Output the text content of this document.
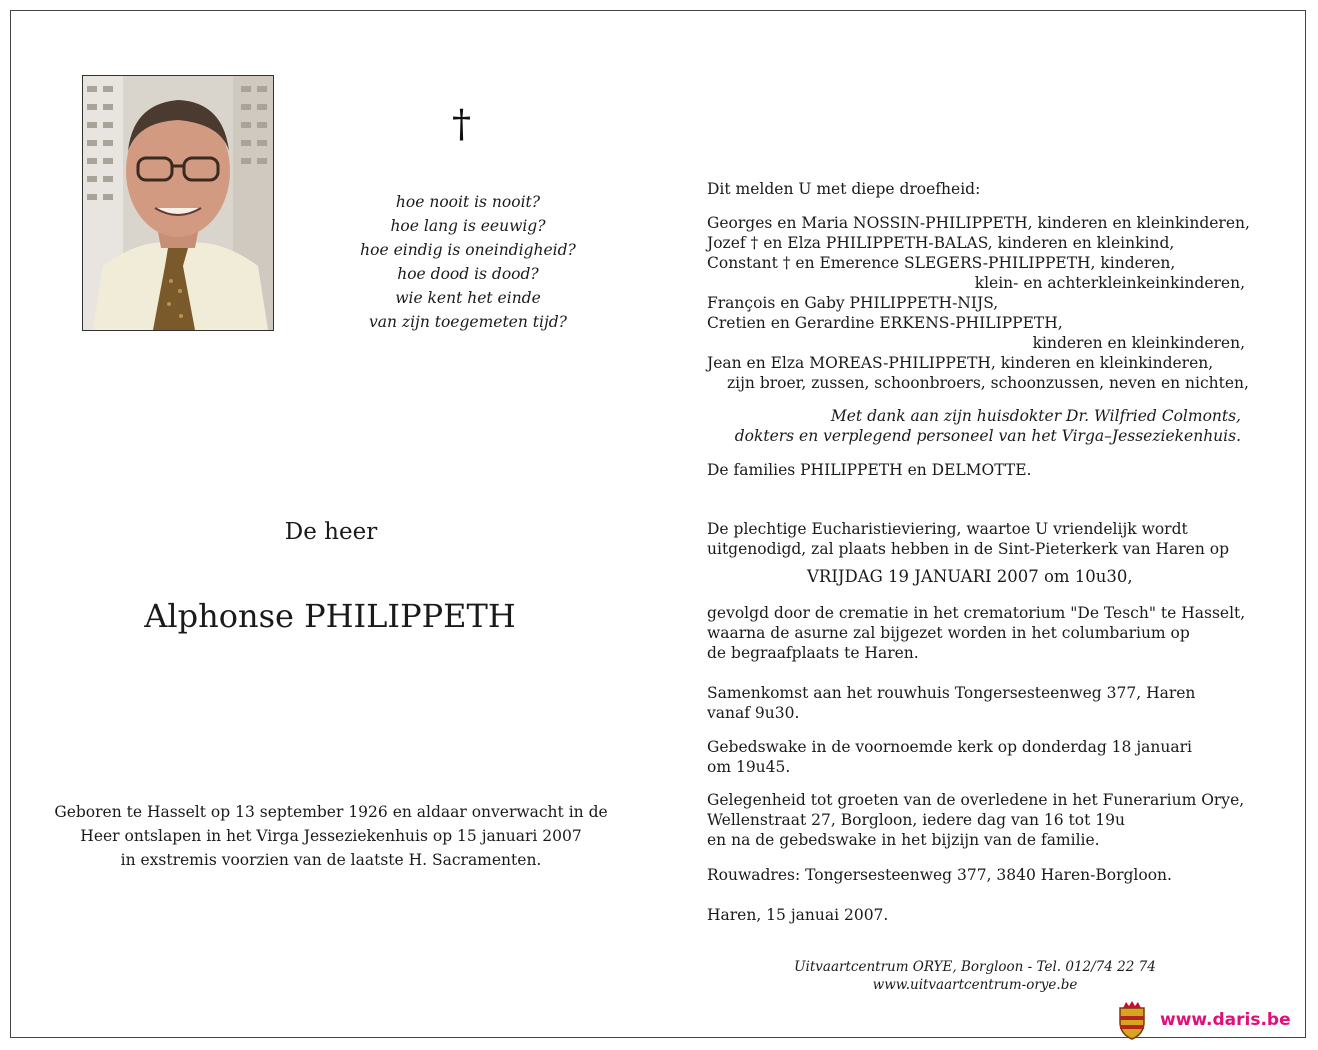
†
hoe nooit is nooit?
hoe lang is eeuwig?
hoe eindig is oneindigheid?
hoe dood is dood?
wie kent het einde
van zijn toegemeten tijd?
De heer
Alphonse PHILIPPETH
Geboren te Hasselt op 13 september 1926 en aldaar onverwacht in de
Heer ontslapen in het Virga Jesseziekenhuis op 15 januari 2007
in exstremis voorzien van de laatste H. Sacramenten.
Dit melden U met diepe droefheid:
Georges en Maria NOSSIN-PHILIPPETH, kinderen en kleinkinderen,
Jozef † en Elza PHILIPPETH-BALAS, kinderen en kleinkind,
Constant † en Emerence SLEGERS-PHILIPPETH, kinderen,
klein- en achterkleinkeinkinderen,
François en Gaby PHILIPPETH-NIJS,
Cretien en Gerardine ERKENS-PHILIPPETH,
kinderen en kleinkinderen,
Jean en Elza MOREAS-PHILIPPETH, kinderen en kleinkinderen,
zijn broer, zussen, schoonbroers, schoonzussen, neven en nichten,
Met dank aan zijn huisdokter Dr. Wilfried Colmonts,
dokters en verplegend personeel van het Virga–Jesseziekenhuis.
De families PHILIPPETH en DELMOTTE.
De plechtige Eucharistieviering, waartoe U vriendelijk wordt
uitgenodigd, zal plaats hebben in de Sint-Pieterkerk van Haren op
VRIJDAG 19 JANUARI 2007 om 10u30,
gevolgd door de crematie in het crematorium "De Tesch" te Hasselt,
waarna de asurne zal bijgezet worden in het columbarium op
de begraafplaats te Haren.
Samenkomst aan het rouwhuis Tongersesteenweg 377, Haren
vanaf 9u30.
Gebedswake in de voornoemde kerk op donderdag 18 januari
om 19u45.
Gelegenheid tot groeten van de overledene in het Funerarium Orye,
Wellenstraat 27, Borgloon, iedere dag van 16 tot 19u
en na de gebedswake in het bijzijn van de familie.
Rouwadres: Tongersesteenweg 377, 3840 Haren-Borgloon.
Haren, 15 januai 2007.
Uitvaartcentrum ORYE, Borgloon - Tel. 012/74 22 74
www.uitvaartcentrum-orye.be
www.daris.be
